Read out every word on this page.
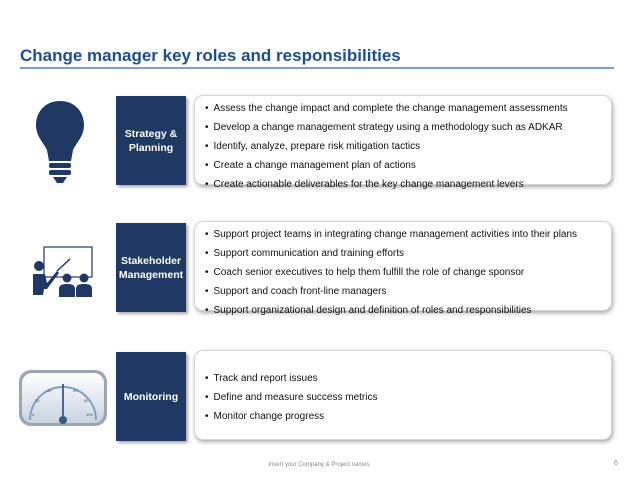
Change manager key roles and responsibilities
Strategy & Planning
• Assess the change impact and complete the change management assessments
• Develop a change management strategy using a methodology such as ADKAR
• Identify, analyze, prepare risk mitigation tactics
• Create a change management plan of actions
• Create actionable deliverables for the key change management levers
Stakeholder Management
• Support project teams in integrating change management activities into their plans
• Support communication and training efforts
• Coach senior executives to help them fulfill the role of change sponsor
• Support and coach front-line managers
• Support organizational design and definition of roles and responsibilities
0
20
40	60
80
100
Monitoring
• Track and report issues
• Define and measure success metrics
• Monitor change progress
Insert your Company & Project names	6
